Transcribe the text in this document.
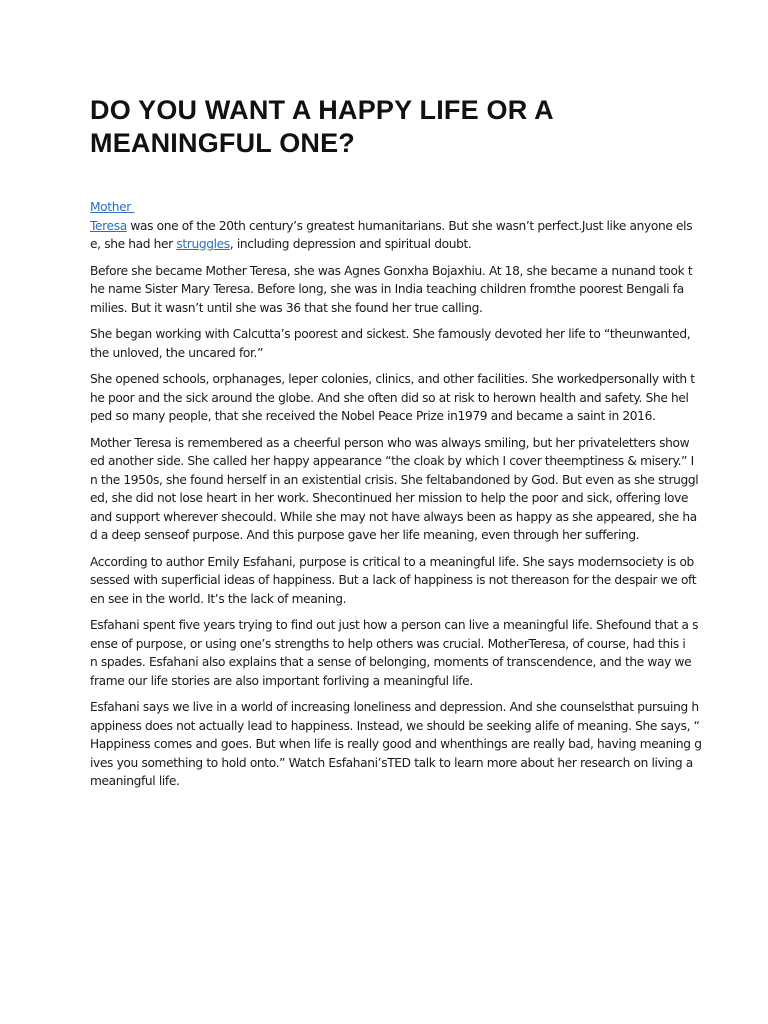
DO YOU WANT A HAPPY LIFE OR A
MEANINGFUL ONE?

Mother
Teresa was one of the 20th century’s greatest humanitarians. But she wasn’t perfect.Just like anyone els
e, she had her struggles, including depression and spiritual doubt.

Before she became Mother Teresa, she was Agnes Gonxha Bojaxhiu. At 18, she became a nunand took t
he name Sister Mary Teresa. Before long, she was in India teaching children fromthe poorest Bengali fa
milies. But it wasn’t until she was 36 that she found her true calling.

She began working with Calcutta’s poorest and sickest. She famously devoted her life to “theunwanted,
the unloved, the uncared for.”

She opened schools, orphanages, leper colonies, clinics, and other facilities. She workedpersonally with t
he poor and the sick around the globe. And she often did so at risk to herown health and safety. She hel
ped so many people, that she received the Nobel Peace Prize in1979 and became a saint in 2016.

Mother Teresa is remembered as a cheerful person who was always smiling, but her privateletters show
ed another side. She called her happy appearance “the cloak by which I cover theemptiness & misery.” I
n the 1950s, she found herself in an existential crisis. She feltabandoned by God. But even as she struggl
ed, she did not lose heart in her work. Shecontinued her mission to help the poor and sick, offering love
and support wherever shecould. While she may not have always been as happy as she appeared, she ha
d a deep senseof purpose. And this purpose gave her life meaning, even through her suffering.

According to author Emily Esfahani, purpose is critical to a meaningful life. She says modernsociety is ob
sessed with superficial ideas of happiness. But a lack of happiness is not thereason for the despair we oft
en see in the world. It’s the lack of meaning.

Esfahani spent five years trying to find out just how a person can live a meaningful life. Shefound that a s
ense of purpose, or using one’s strengths to help others was crucial. MotherTeresa, of course, had this i
n spades. Esfahani also explains that a sense of belonging, moments of transcendence, and the way we
frame our life stories are also important forliving a meaningful life.

Esfahani says we live in a world of increasing loneliness and depression. And she counselsthat pursuing h
appiness does not actually lead to happiness. Instead, we should be seeking alife of meaning. She says, “
Happiness comes and goes. But when life is really good and whenthings are really bad, having meaning g
ives you something to hold onto.” Watch Esfahani’sTED talk to learn more about her research on living a
meaningful life.
